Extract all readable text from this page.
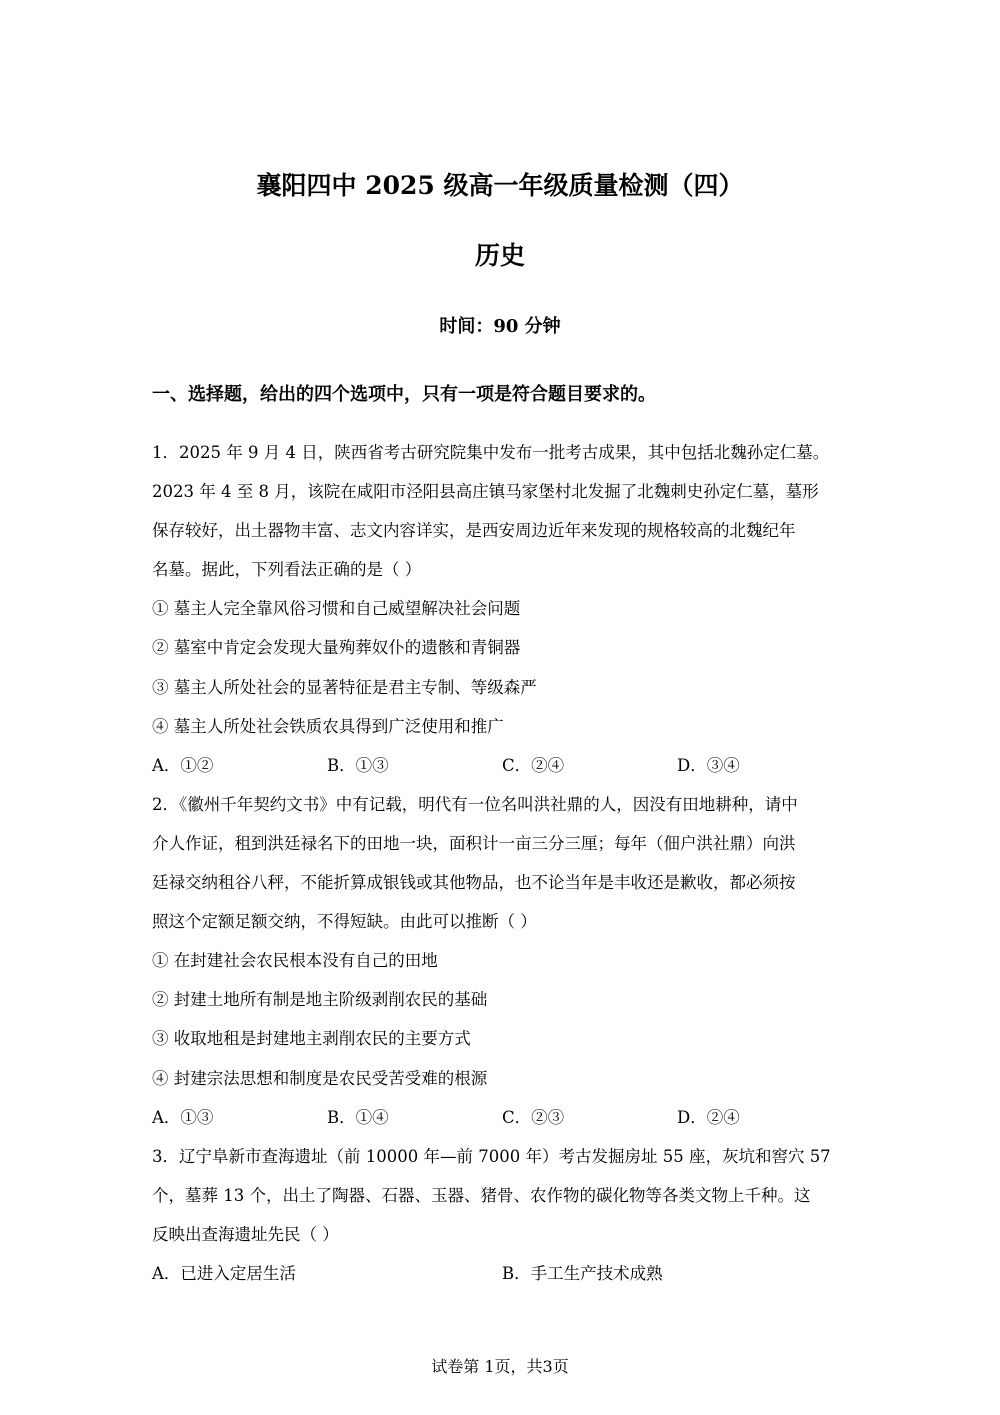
襄阳四中 2025 级高一年级质量检测（四）
历史
时间：90 分钟
一、选择题，给出的四个选项中，只有一项是符合题目要求的。
1．2025 年 9 月 4 日，陕西省考古研究院集中发布一批考古成果，其中包括北魏孙定仁墓。
2023 年 4 至 8 月，该院在咸阳市泾阳县高庄镇马家堡村北发掘了北魏刺史孙定仁墓，墓形
保存较好，出土器物丰富、志文内容详实，是西安周边近年来发现的规格较高的北魏纪年
名墓。据此，下列看法正确的是（ ）
① 墓主人完全靠风俗习惯和自己威望解决社会问题
② 墓室中肯定会发现大量殉葬奴仆的遗骸和青铜器
③ 墓主人所处社会的显著特征是君主专制、等级森严
④ 墓主人所处社会铁质农具得到广泛使用和推广
A．①②	B．①③	C．②④	D．③④
2．《徽州千年契约文书》中有记载，明代有一位名叫洪社鼎的人，因没有田地耕种，请中
介人作证，租到洪廷禄名下的田地一块，面积计一亩三分三厘；每年（佃户洪社鼎）向洪
廷禄交纳租谷八秤，不能折算成银钱或其他物品，也不论当年是丰收还是歉收，都必须按
照这个定额足额交纳，不得短缺。由此可以推断（ ）
① 在封建社会农民根本没有自己的田地
② 封建土地所有制是地主阶级剥削农民的基础
③ 收取地租是封建地主剥削农民的主要方式
④ 封建宗法思想和制度是农民受苦受难的根源
A．①③	B．①④	C．②③	D．②④
3．辽宁阜新市查海遗址（前 10000 年—前 7000 年）考古发掘房址 55 座，灰坑和窖穴 57
个，墓葬 13 个，出土了陶器、石器、玉器、猪骨、农作物的碳化物等各类文物上千种。这
反映出查海遗址先民（ ）
A．已进入定居生活	B．手工生产技术成熟
试卷第 1页，共3页
